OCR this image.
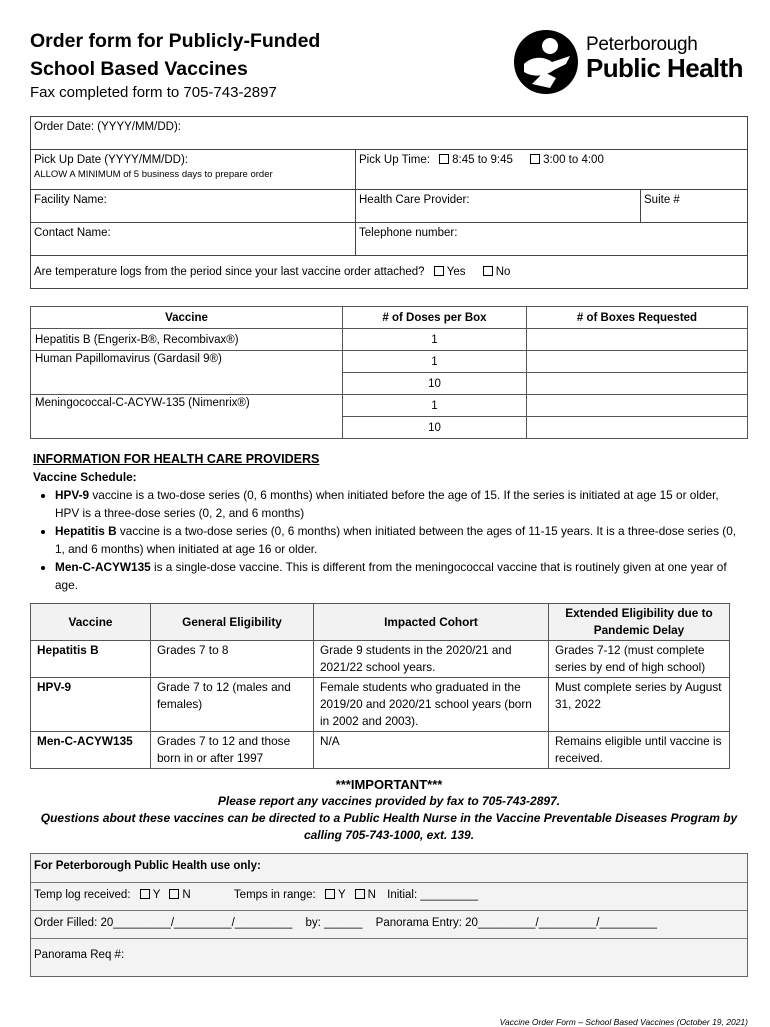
Order form for Publicly-Funded
School Based Vaccines
Fax completed form to 705-743-2897
Peterborough
Public Health
Order Date: (YYYY/MM/DD):
Pick Up Date (YYYY/MM/DD):
ALLOW A MINIMUM of 5 business days to prepare order
Pick Up Time: 8:45 to 9:45	3:00 to 4:00
Facility Name:	Health Care Provider:	Suite #
Contact Name:	Telephone number:
Are temperature logs from the period since your last vaccine order attached? Yes	No
Vaccine	# of Doses per Box	# of Boxes Requested
Hepatitis B (Engerix-B®, Recombivax®)	1	
Human Papillomavirus (Gardasil 9®)	1	
	10	
Meningococcal-C-ACYW-135 (Nimenrix®)	1	
	10	
INFORMATION FOR HEALTH CARE PROVIDERS
Vaccine Schedule:
• HPV-9 vaccine is a two-dose series (0, 6 months) when initiated before the age of 15. If the series is initiated at age 15 or older, HPV is a three-dose series (0, 2, and 6 months)
• Hepatitis B vaccine is a two-dose series (0, 6 months) when initiated between the ages of 11-15 years. It is a three-dose series (0, 1, and 6 months) when initiated at age 16 or older.
• Men-C-ACYW135 is a single-dose vaccine. This is different from the meningococcal vaccine that is routinely given at one year of age.
Vaccine	General Eligibility	Impacted Cohort	Extended Eligibility due to Pandemic Delay
Hepatitis B	Grades 7 to 8	Grade 9 students in the 2020/21 and 2021/22 school years.	Grades 7-12 (must complete series by end of high school)
HPV-9	Grade 7 to 12 (males and females)	Female students who graduated in the 2019/20 and 2020/21 school years (born in 2002 and 2003).	Must complete series by August 31, 2022
Men-C-ACYW135	Grades 7 to 12 and those born in or after 1997	N/A	Remains eligible until vaccine is received.
***IMPORTANT***
Please report any vaccines provided by fax to 705-743-2897.
Questions about these vaccines can be directed to a Public Health Nurse in the Vaccine Preventable Diseases Program by calling 705-743-1000, ext. 139.
For Peterborough Public Health use only:
Temp log received: Y N	Temps in range: Y N Initial: _________
Order Filled: 20_________/_________/_________ by: ______ Panorama Entry: 20_________/_________/_________
Panorama Req #:
Vaccine Order Form – School Based Vaccines (October 19, 2021)
